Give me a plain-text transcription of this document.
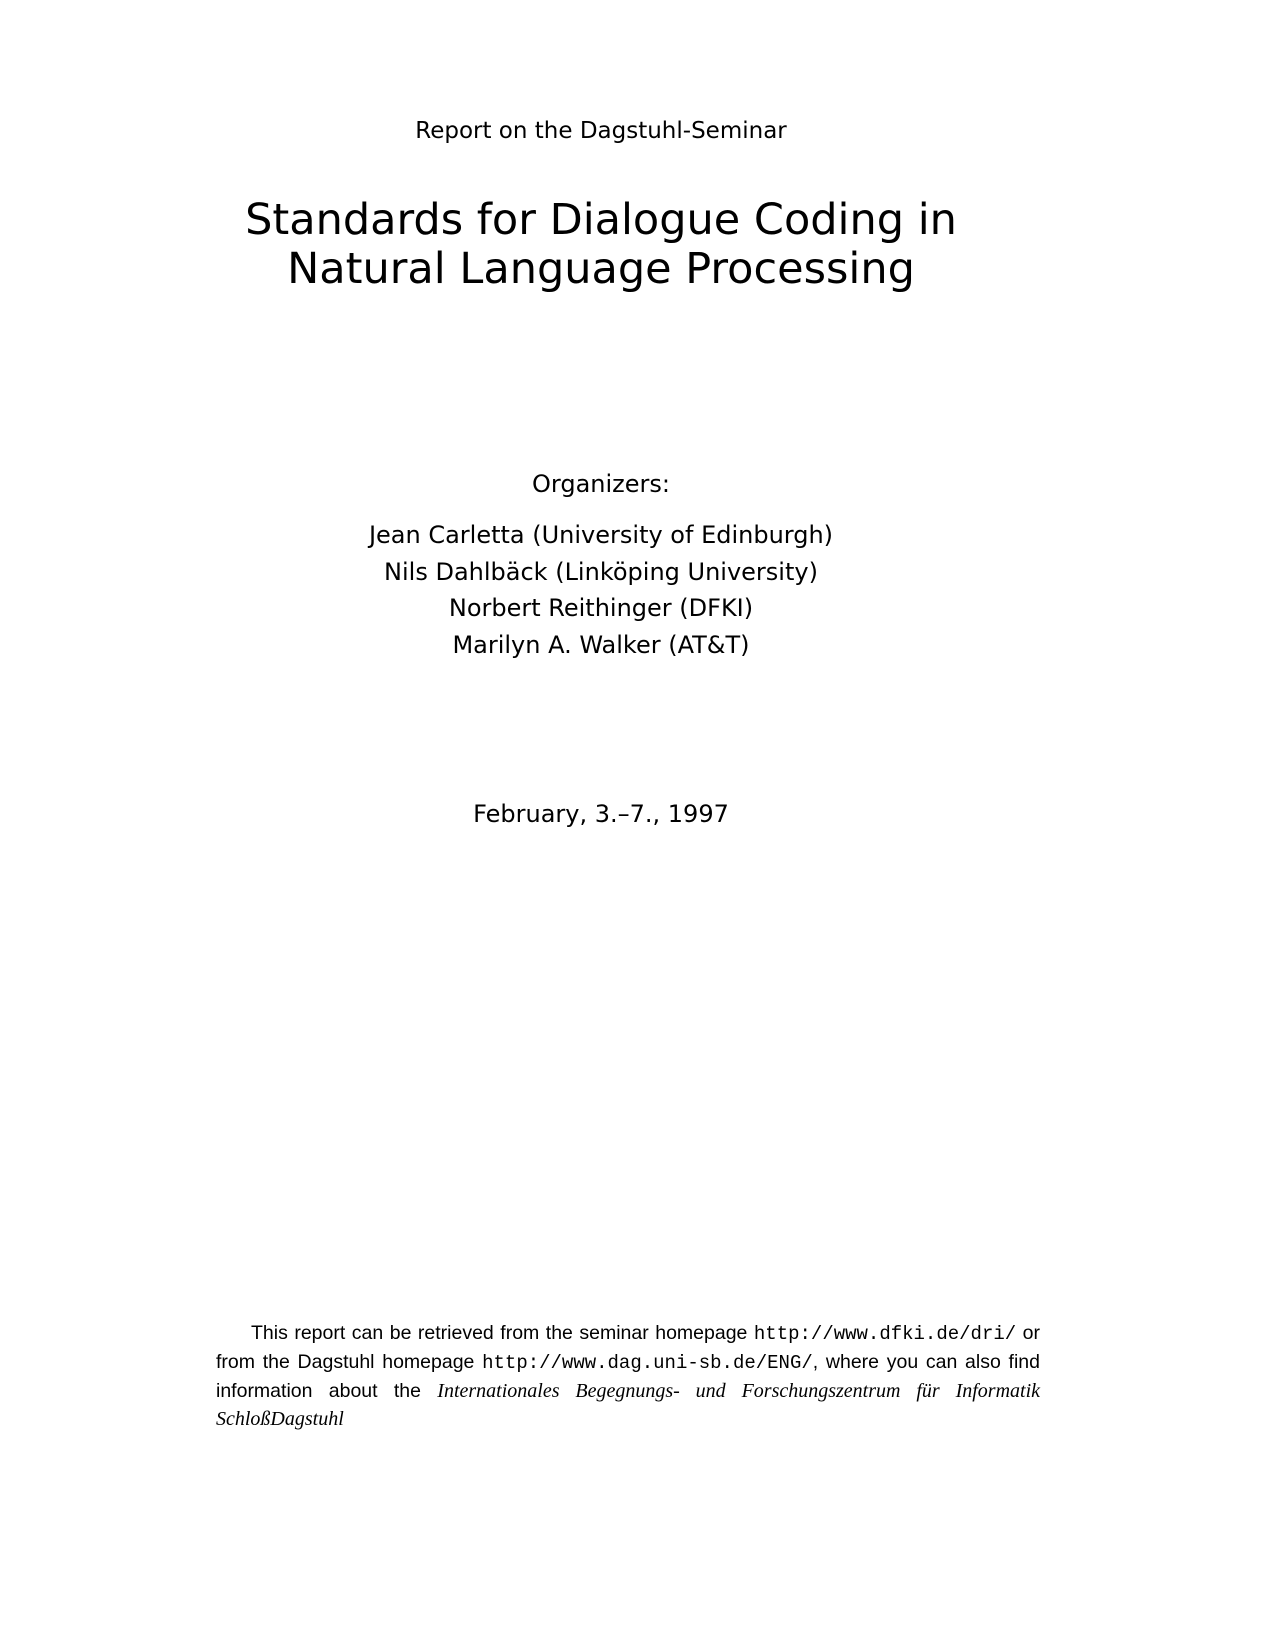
Report on the Dagstuhl-Seminar
Standards for Dialogue Coding in
Natural Language Processing
Organizers:
Jean Carletta (University of Edinburgh)
Nils Dahlbäck (Linköping University)
Norbert Reithinger (DFKI)
Marilyn A. Walker (AT&T)
February, 3.–7., 1997
This report can be retrieved from the seminar homepage http://www.dfki.de/dri/ or from the Dagstuhl homepage http://www.dag.uni-sb.de/ENG/, where you can also find information about the Internationales Begegnungs- und Forschungszentrum für Informatik SchloßDagstuhl
